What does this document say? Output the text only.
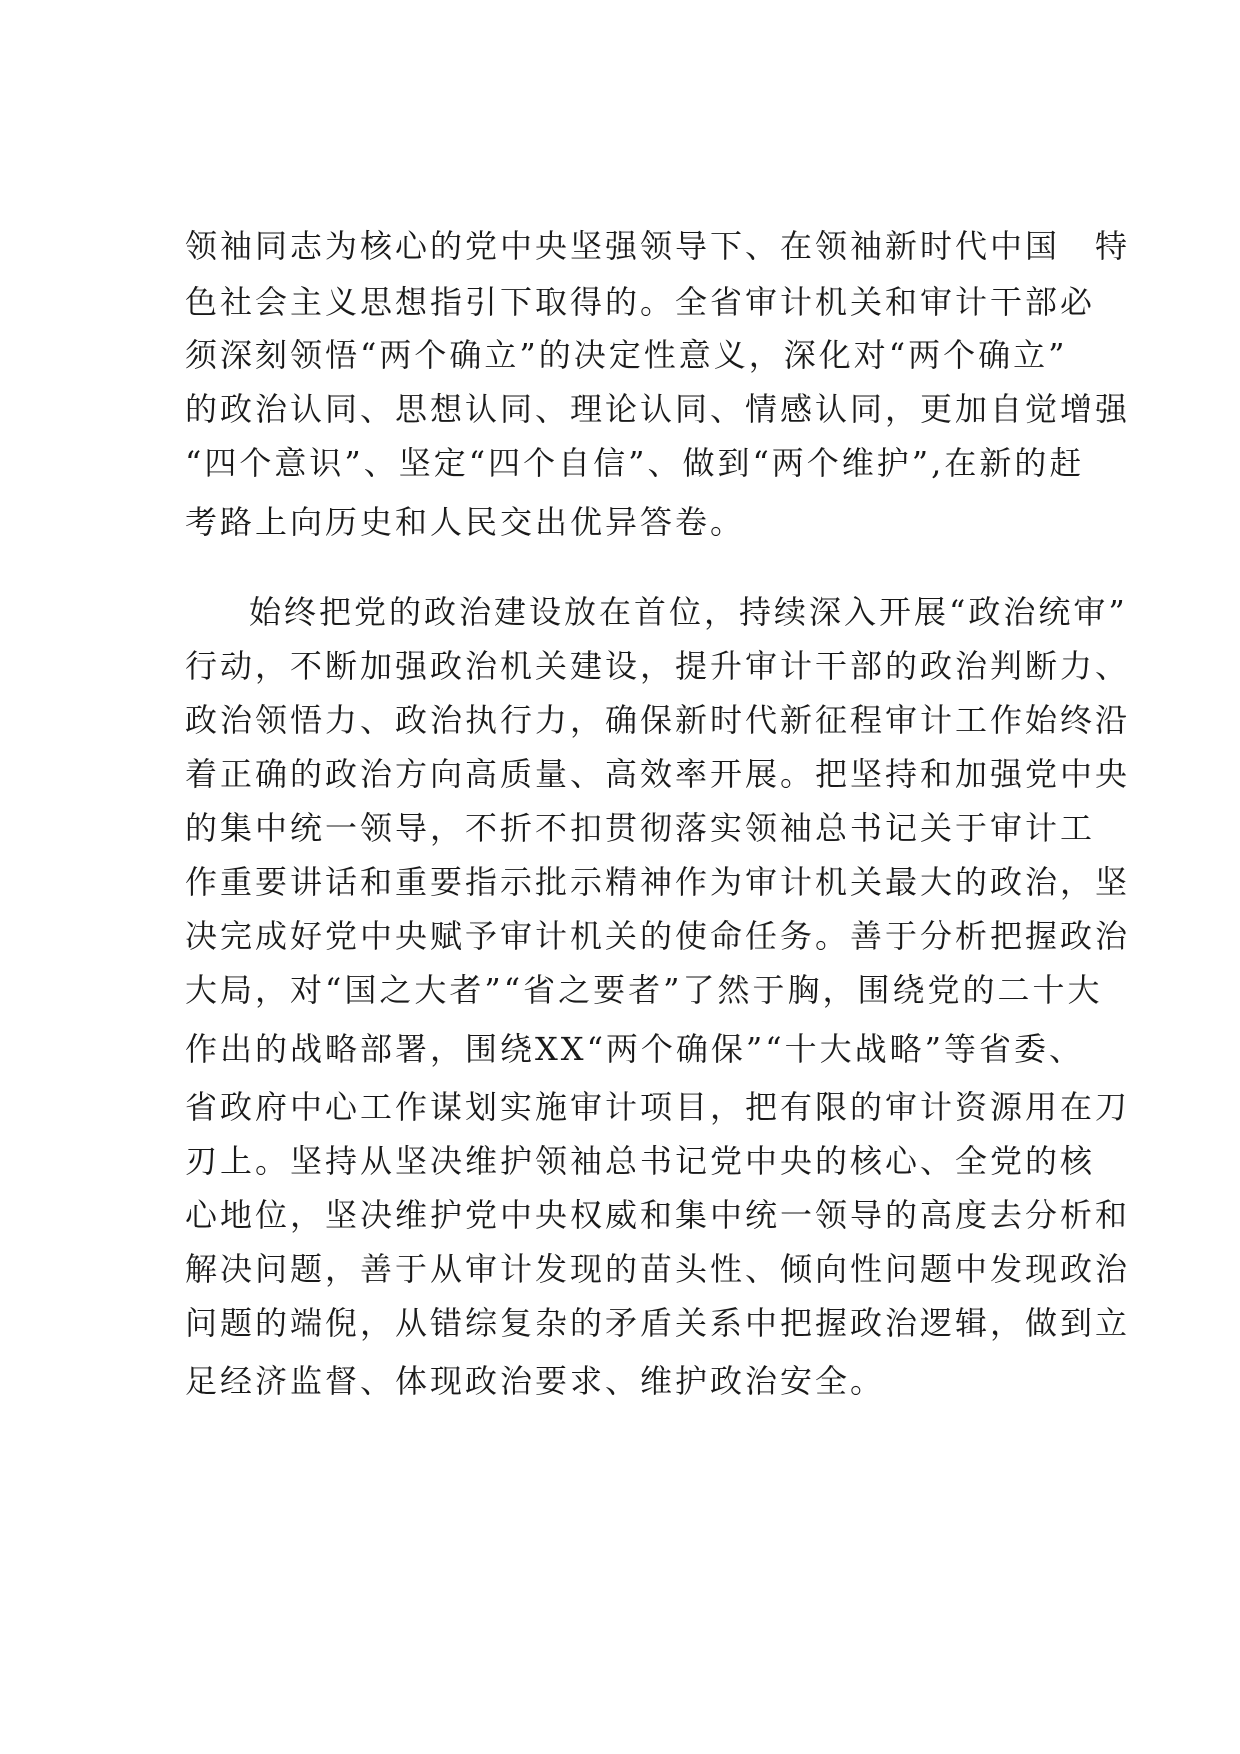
领袖同志为核心的党中央坚强领导下、在领袖新时代中国　特
色社会主义思想指引下取得的。全省审计机关和审计干部必
须深刻领悟“两个确立”的决定性意义，深化对“两个确立”
的政治认同、思想认同、理论认同、情感认同，更加自觉增强
“四个意识”、坚定“四个自信”、做到“两个维护”,在新的赶
考路上向历史和人民交出优异答卷。
始终把党的政治建设放在首位，持续深入开展“政治统审”
行动，不断加强政治机关建设，提升审计干部的政治判断力、
政治领悟力、政治执行力，确保新时代新征程审计工作始终沿
着正确的政治方向高质量、高效率开展。把坚持和加强党中央
的集中统一领导，不折不扣贯彻落实领袖总书记关于审计工
作重要讲话和重要指示批示精神作为审计机关最大的政治，坚
决完成好党中央赋予审计机关的使命任务。善于分析把握政治
大局，对“国之大者”“省之要者”了然于胸，围绕党的二十大
作出的战略部署，围绕XX“两个确保”“十大战略”等省委、
省政府中心工作谋划实施审计项目，把有限的审计资源用在刀
刃上。坚持从坚决维护领袖总书记党中央的核心、全党的核
心地位，坚决维护党中央权威和集中统一领导的高度去分析和
解决问题，善于从审计发现的苗头性、倾向性问题中发现政治
问题的端倪，从错综复杂的矛盾关系中把握政治逻辑，做到立
足经济监督、体现政治要求、维护政治安全。
